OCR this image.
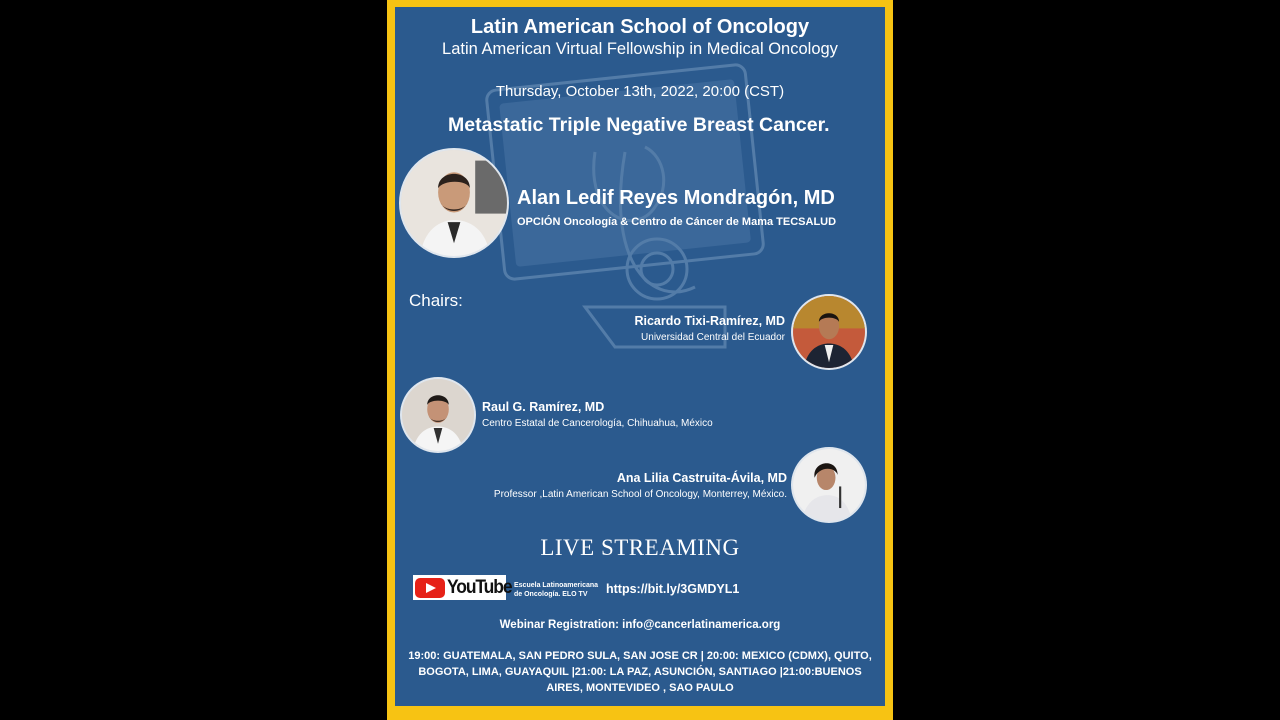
Latin American School of Oncology
Latin American Virtual Fellowship in Medical Oncology
Thursday, October 13th, 2022, 20:00 (CST)
Metastatic Triple Negative Breast Cancer.
Alan Ledif Reyes Mondragón, MD
OPCIÓN Oncología & Centro de Cáncer de Mama TECSALUD
Chairs:
Ricardo Tixi-Ramírez, MD
Universidad Central del Ecuador
Raul G. Ramírez, MD
Centro Estatal de Cancerología, Chihuahua, México
Ana Lilia Castruita-Ávila, MD
Professor ,Latin American School of Oncology, Monterrey, México.
LIVE STREAMING
YouTube Escuela Latinoamericana de Oncología. ELO TV	https://bit.ly/3GMDYL1
Webinar Registration: info@cancerlatinamerica.org
19:00: GUATEMALA, SAN PEDRO SULA, SAN JOSE CR | 20:00: MEXICO (CDMX), QUITO, BOGOTA, LIMA, GUAYAQUIL |21:00: LA PAZ, ASUNCIÓN, SANTIAGO |21:00:BUENOS AIRES, MONTEVIDEO , SAO PAULO
